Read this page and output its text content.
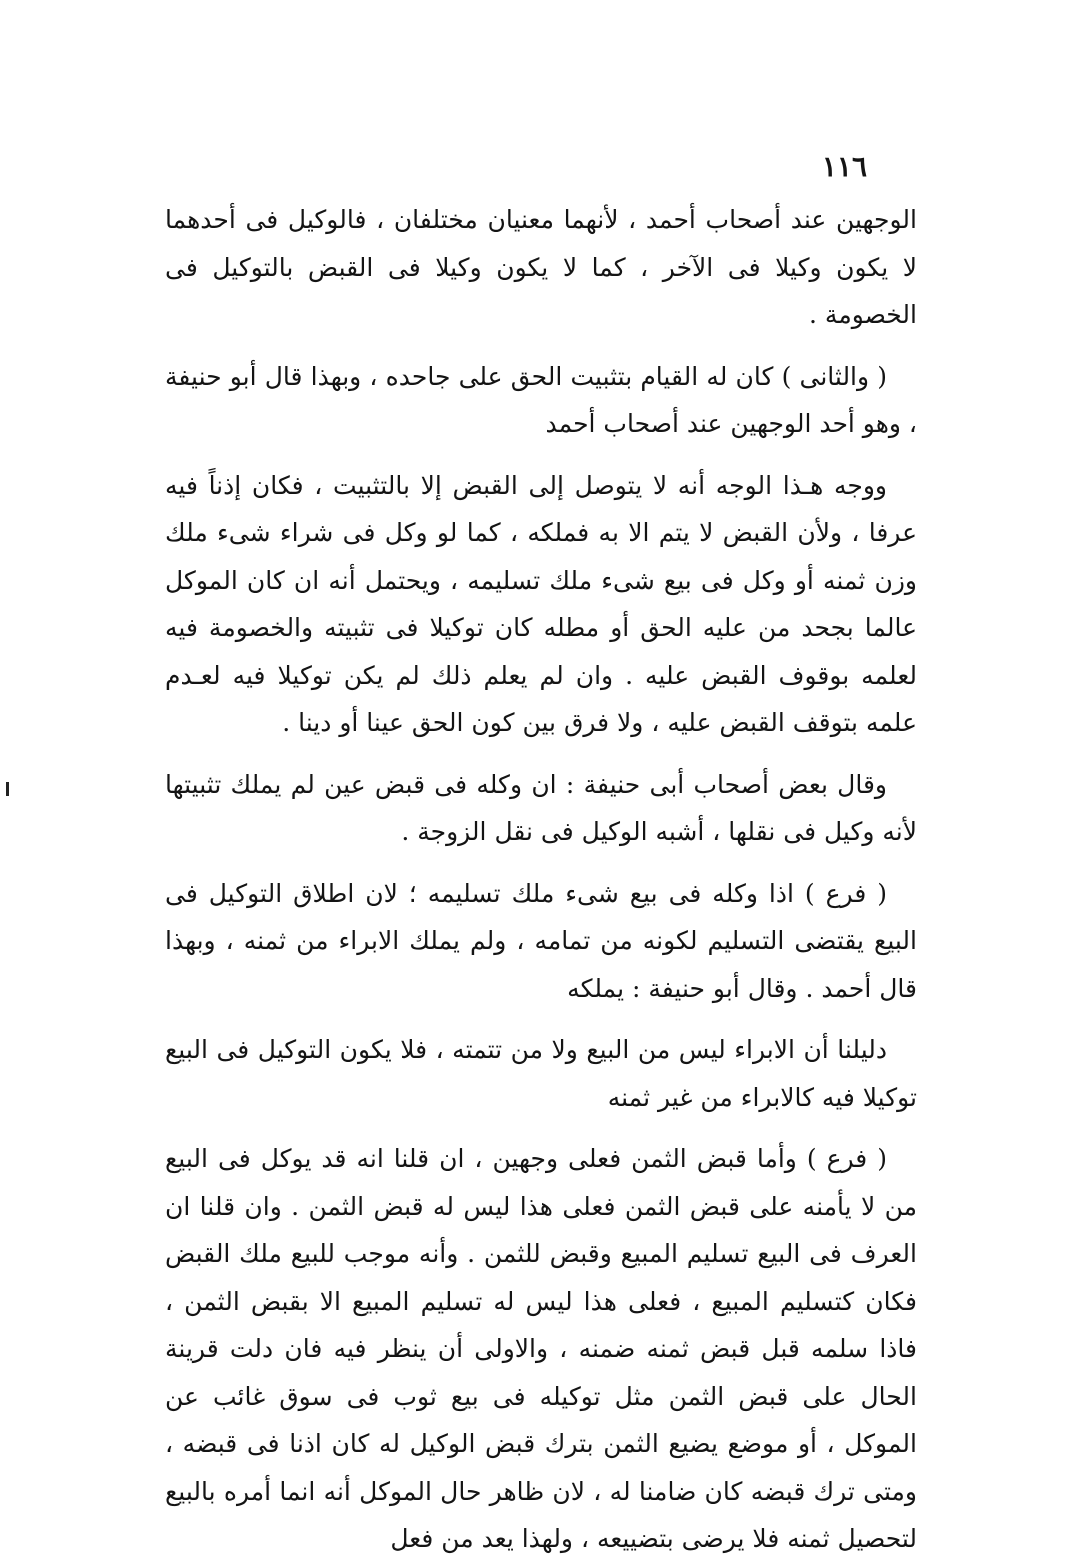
١١٦

الوجهين عند أصحاب أحمد ، لأنهما معنيان مختلفان ، فالوكيل فى أحدهما لا يكون وكيلا فى الآخر ، كما لا يكون وكيلا فى القبض بالتوكيل فى الخصومة .

( والثانى ) كان له القيام بتثبيت الحق على جاحده ، وبهذا قال أبو حنيفة ، وهو أحد الوجهين عند أصحاب أحمد

ووجه هـذا الوجه أنه لا يتوصل إلى القبض إلا بالتثبيت ، فكان إذناً فيه عرفا ، ولأن القبض لا يتم الا به فملكه ، كما لو وكل فى شراء شىء ملك وزن ثمنه أو وكل فى بيع شىء ملك تسليمه ، ويحتمل أنه ان كان الموكل عالما بجحد من عليه الحق أو مطله كان توكيلا فى تثبيته والخصومة فيه لعلمه بوقوف القبض عليه . وان لم يعلم ذلك لم يكن توكيلا فيه لعـدم علمه بتوقف القبض عليه ، ولا فرق بين كون الحق عينا أو دينا .

وقال بعض أصحاب أبى حنيفة : ان وكله فى قبض عين لم يملك تثبيتها لأنه وكيل فى نقلها ، أشبه الوكيل فى نقل الزوجة .

( فرع ) اذا وكله فى بيع شىء ملك تسليمه ؛ لان اطلاق التوكيل فى البيع يقتضى التسليم لكونه من تمامه ، ولم يملك الابراء من ثمنه ، وبهذا قال أحمد . وقال أبو حنيفة : يملكه

دليلنا أن الابراء ليس من البيع ولا من تتمته ، فلا يكون التوكيل فى البيع توكيلا فيه كالابراء من غير ثمنه

( فرع ) وأما قبض الثمن فعلى وجهين ، ان قلنا انه قد يوكل فى البيع من لا يأمنه على قبض الثمن فعلى هذا ليس له قبض الثمن . وان قلنا ان العرف فى البيع تسليم المبيع وقبض للثمن . وأنه موجب للبيع ملك القبض فكان كتسليم المبيع ، فعلى هذا ليس له تسليم المبيع الا بقبض الثمن ، فاذا سلمه قبل قبض ثمنه ضمنه ، والاولى أن ينظر فيه فان دلت قرينة الحال على قبض الثمن مثل توكيله فى بيع ثوب فى سوق غائب عن الموكل ، أو موضع يضيع الثمن بترك قبض الوكيل له كان اذنا فى قبضه ، ومتى ترك قبضه كان ضامنا له ، لان ظاهر حال الموكل أنه انما أمره بالبيع لتحصيل ثمنه فلا يرضى بتضييعه ، ولهذا يعد من فعل
